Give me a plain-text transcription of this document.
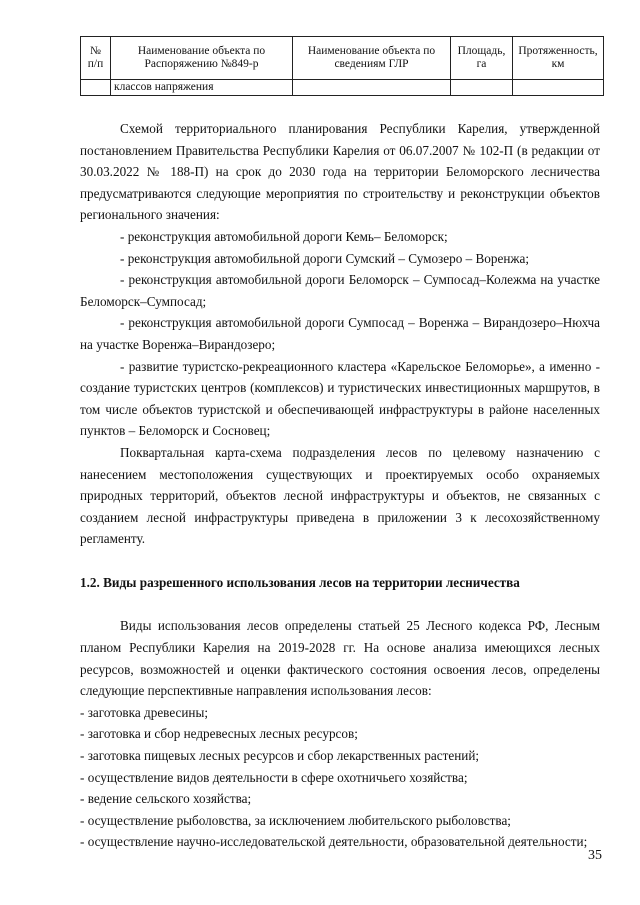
№ п/п	Наименование объекта по Распоряжению №849-р	Наименование объекта по сведениям ГЛР	Площадь, га	Протяженность, км
	классов напряжения			

Схемой территориального планирования Республики Карелия, утвержденной постановлением Правительства Республики Карелия от 06.07.2007 № 102-П (в редакции от 30.03.2022 № 188-П) на срок до 2030 года на территории Беломорского лесничества предусматриваются следующие мероприятия по строительству и реконструкции объектов регионального значения:

- реконструкция автомобильной дороги Кемь– Беломорск;

- реконструкция автомобильной дороги Сумский – Сумозеро – Воренжа;

- реконструкция автомобильной дороги Беломорск – Сумпосад–Колежма на участке Беломорск–Сумпосад;

- реконструкция автомобильной дороги Сумпосад – Воренжа – Вирандозеро–Нюхча на участке Воренжа–Вирандозеро;

- развитие туристско-рекреационного кластера «Карельское Беломорье», а именно - создание туристских центров (комплексов) и туристических инвестиционных маршрутов, в том числе объектов туристской и обеспечивающей инфраструктуры в районе населенных пунктов – Беломорск и Сосновец;

Поквартальная карта-схема подразделения лесов по целевому назначению с нанесением местоположения существующих и проектируемых особо охраняемых природных территорий, объектов лесной инфраструктуры и объектов, не связанных с созданием лесной инфраструктуры приведена в приложении 3 к лесохозяйственному регламенту.

1.2. Виды разрешенного использования лесов на территории лесничества

Виды использования лесов определены статьей 25 Лесного кодекса РФ, Лесным планом Республики Карелия на 2019-2028 гг. На основе анализа имеющихся лесных ресурсов, возможностей и оценки фактического состояния освоения лесов, определены следующие перспективные направления использования лесов:

- заготовка древесины;

- заготовка и сбор недревесных лесных ресурсов;

- заготовка пищевых лесных ресурсов и сбор лекарственных растений;

- осуществление видов деятельности в сфере охотничьего хозяйства;

- ведение сельского хозяйства;

- осуществление рыболовства, за исключением любительского рыболовства;

- осуществление научно-исследовательской деятельности, образовательной деятельности;

35
